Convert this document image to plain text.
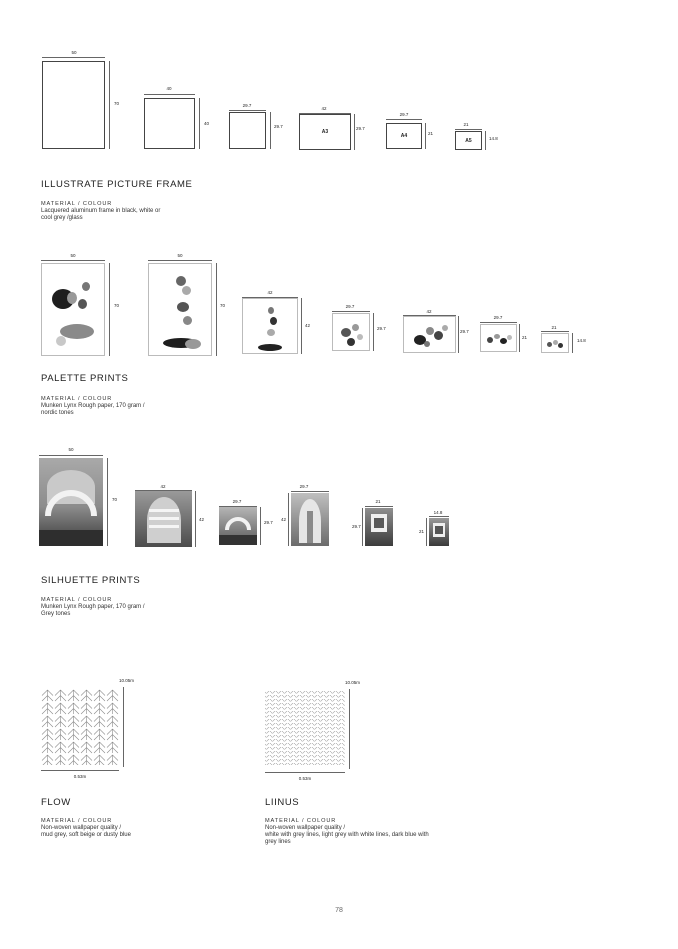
50
70
40
40
29.7
29.7
42
A3
29.7
29.7
A4	21
21
A5	14.8
ILLUSTRATE PICTURE FRAME
MATERIAL / COLOUR
Lacquered aluminum frame in black, white or
cool grey /glass
50
70
50
70
42
42
29.7
29.7
42
29.7
29.7
21
21
14.8
PALETTE PRINTS
MATERIAL / COLOUR
Munken Lynx Rough paper, 170 gram /
nordic tones
50
70
42
42
29.7
29.7
29.7
42
21
29.7
14.8
21
SILHUETTE PRINTS
MATERIAL / COLOUR
Munken Lynx Rough paper, 170 gram /
Grey tones
10.05m
0.53m
FLOW
MATERIAL / COLOUR
Non-woven wallpaper quality /
mud grey, soft beige or dusty blue
10.05m
0.53m
LIINUS
MATERIAL / COLOUR
Non-woven wallpaper quality /
white with grey lines, light grey with white lines, dark blue with
grey lines
78
